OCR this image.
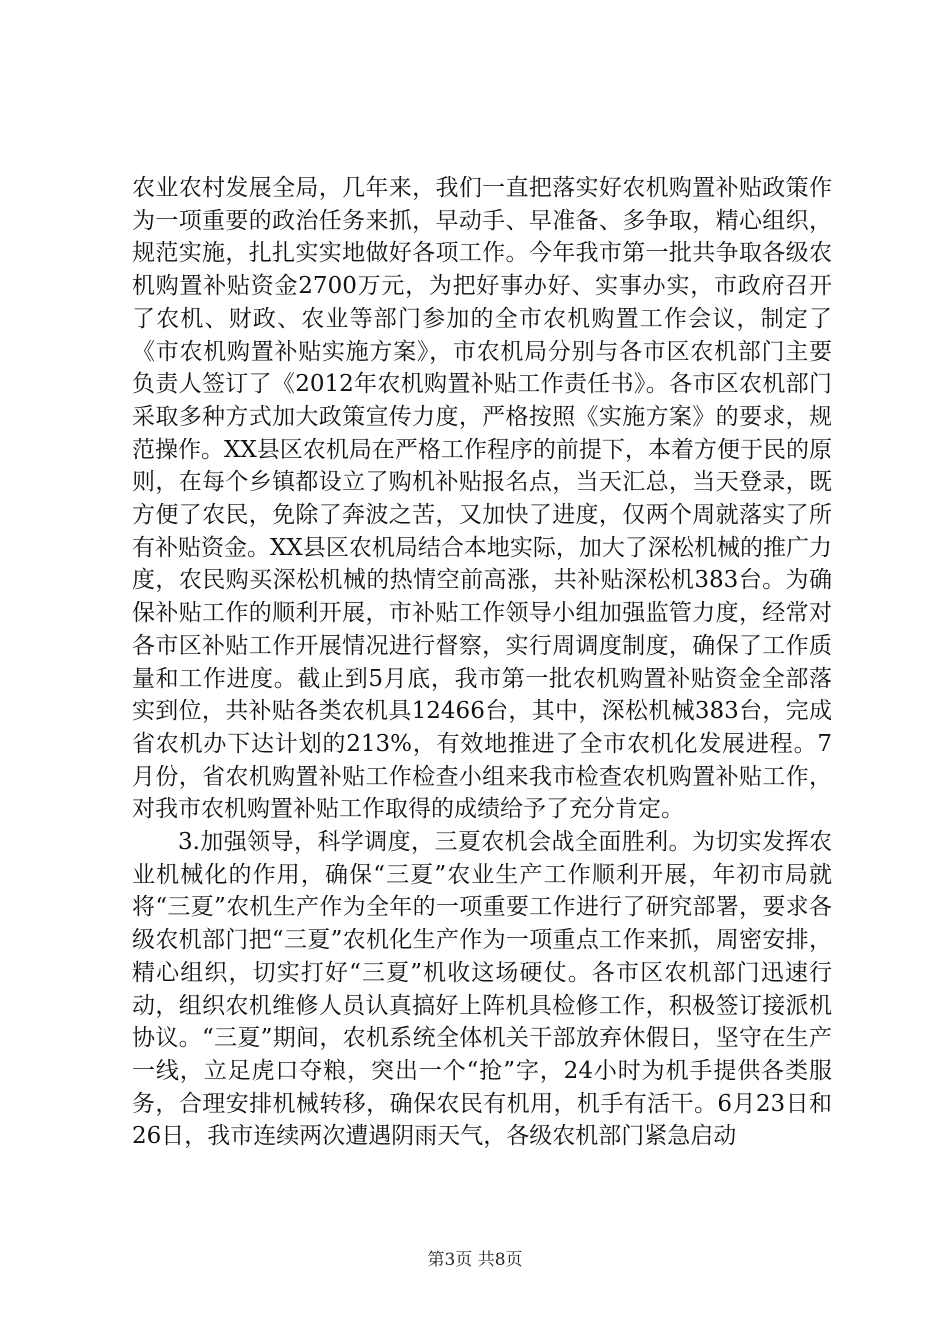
农业农村发展全局，几年来，我们一直把落实好农机购置补贴政策作为一项重要的政治任务来抓，早动手、早准备、多争取，精心组织，规范实施，扎扎实实地做好各项工作。今年我市第一批共争取各级农机购置补贴资金2700万元，为把好事办好、实事办实，市政府召开了农机、财政、农业等部门参加的全市农机购置工作会议，制定了《市农机购置补贴实施方案》，市农机局分别与各市区农机部门主要负责人签订了《2012年农机购置补贴工作责任书》。各市区农机部门采取多种方式加大政策宣传力度，严格按照《实施方案》的要求，规范操作。XX县区农机局在严格工作程序的前提下，本着方便于民的原则，在每个乡镇都设立了购机补贴报名点，当天汇总，当天登录，既方便了农民，免除了奔波之苦，又加快了进度，仅两个周就落实了所有补贴资金。XX县区农机局结合本地实际，加大了深松机械的推广力度，农民购买深松机械的热情空前高涨，共补贴深松机383台。为确保补贴工作的顺利开展，市补贴工作领导小组加强监管力度，经常对各市区补贴工作开展情况进行督察，实行周调度制度，确保了工作质量和工作进度。截止到5月底，我市第一批农机购置补贴资金全部落实到位，共补贴各类农机具12466台，其中，深松机械383台，完成省农机办下达计划的213%，有效地推进了全市农机化发展进程。7月份，省农机购置补贴工作检查小组来我市检查农机购置补贴工作，对我市农机购置补贴工作取得的成绩给予了充分肯定。

3.加强领导，科学调度，三夏农机会战全面胜利。为切实发挥农业机械化的作用，确保“三夏”农业生产工作顺利开展，年初市局就将“三夏”农机生产作为全年的一项重要工作进行了研究部署，要求各级农机部门把“三夏”农机化生产作为一项重点工作来抓，周密安排，精心组织，切实打好“三夏”机收这场硬仗。各市区农机部门迅速行动，组织农机维修人员认真搞好上阵机具检修工作，积极签订接派机协议。“三夏”期间，农机系统全体机关干部放弃休假日，坚守在生产一线，立足虎口夺粮，突出一个“抢”字，24小时为机手提供各类服务，合理安排机械转移，确保农民有机用，机手有活干。6月23日和26日，我市连续两次遭遇阴雨天气，各级农机部门紧急启动

第3页 共8页
